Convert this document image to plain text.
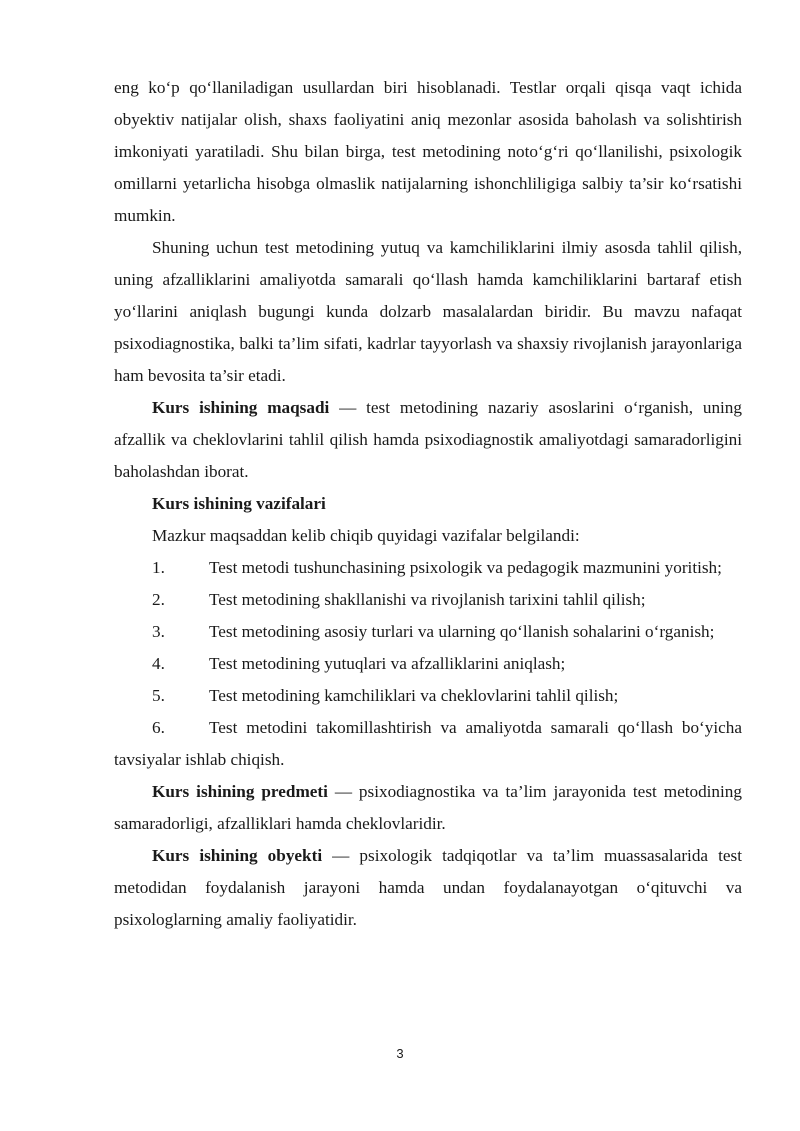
eng ko‘p qo‘llaniladigan usullardan biri hisoblanadi. Testlar orqali qisqa vaqt ichida obyektiv natijalar olish, shaxs faoliyatini aniq mezonlar asosida baholash va solishtirish imkoniyati yaratiladi. Shu bilan birga, test metodining noto‘g‘ri qo‘llanilishi, psixologik omillarni yetarlicha hisobga olmaslik natijalarning ishonchliligiga salbiy ta’sir ko‘rsatishi mumkin.

Shuning uchun test metodining yutuq va kamchiliklarini ilmiy asosda tahlil qilish, uning afzalliklarini amaliyotda samarali qo‘llash hamda kamchiliklarini bartaraf etish yo‘llarini aniqlash bugungi kunda dolzarb masalalardan biridir. Bu mavzu nafaqat psixodiagnostika, balki ta’lim sifati, kadrlar tayyorlash va shaxsiy rivojlanish jarayonlariga ham bevosita ta’sir etadi.

Kurs ishining maqsadi — test metodining nazariy asoslarini o‘rganish, uning afzallik va cheklovlarini tahlil qilish hamda psixodiagnostik amaliyotdagi samaradorligini baholashdan iborat.

Kurs ishining vazifalari

Mazkur maqsaddan kelib chiqib quyidagi vazifalar belgilandi:

1.	Test metodi tushunchasining psixologik va pedagogik mazmunini yoritish;

2.	Test metodining shakllanishi va rivojlanish tarixini tahlil qilish;

3.	Test metodining asosiy turlari va ularning qo‘llanish sohalarini o‘rganish;

4.	Test metodining yutuqlari va afzalliklarini aniqlash;

5.	Test metodining kamchiliklari va cheklovlarini tahlil qilish;

6.	Test metodini takomillashtirish va amaliyotda samarali qo‘llash bo‘yicha tavsiyalar ishlab chiqish.

Kurs ishining predmeti — psixodiagnostika va ta’lim jarayonida test metodining samaradorligi, afzalliklari hamda cheklovlaridir.

Kurs ishining obyekti — psixologik tadqiqotlar va ta’lim muassasalarida test metodidan foydalanish jarayoni hamda undan foydalanayotgan o‘qituvchi va psixologlarning amaliy faoliyatidir.

3
